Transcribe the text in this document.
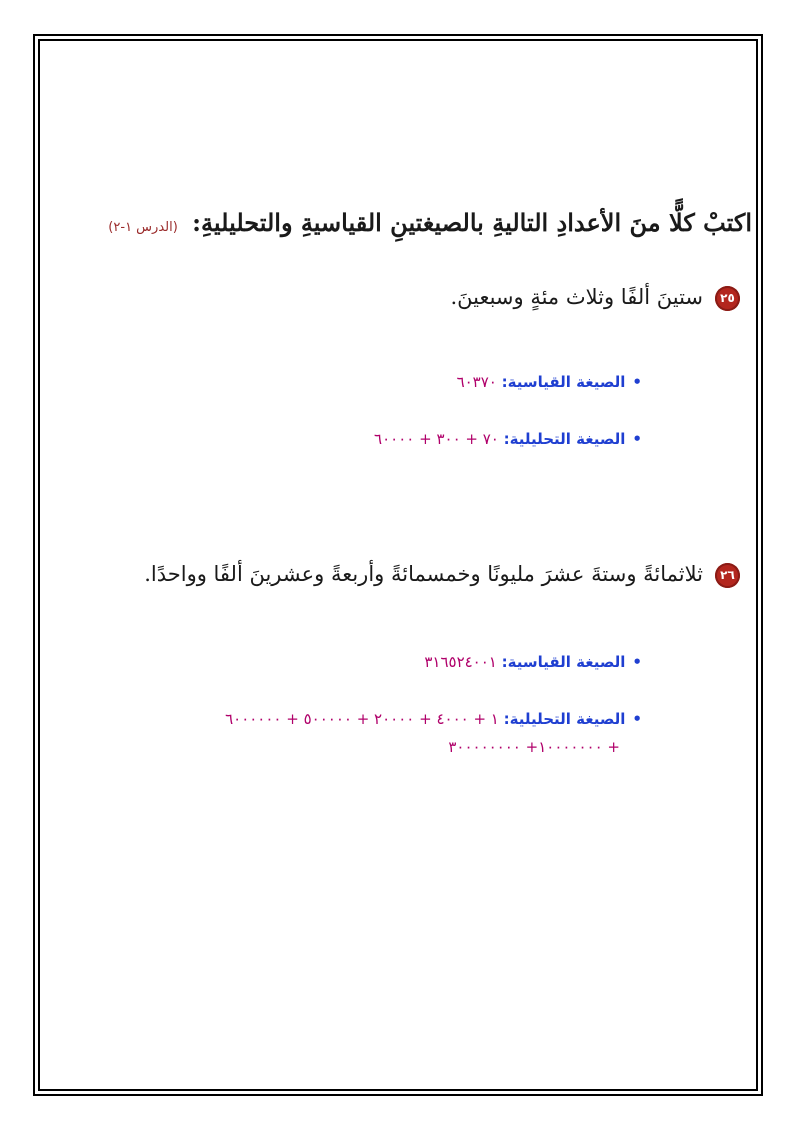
اكتبْ كلًّا منَ الأعدادِ التاليةِ بالصيغتينِ القياسيةِ والتحليليةِ: (الدرس ١-٢)
٢٥ستينَ ألفًا وثلاث مئةٍ وسبعينَ.
•الصيغة القياسية: ٦٠٣٧٠
•الصيغة التحليلية: ٧٠ + ٣٠٠ + ٦٠٠٠٠
٢٦ثلاثمائةً وستةَ عشرَ مليونًا وخمسمائةً وأربعةً وعشرينَ ألفًا وواحدًا.
•الصيغة القياسية: ٣١٦٥٢٤٠٠١
•الصيغة التحليلية: ١ + ٤٠٠٠ + ٢٠٠٠٠ + ٥٠٠٠٠٠ + ٦٠٠٠٠٠٠
+ ١٠٠٠٠٠٠٠+ ٣٠٠٠٠٠٠٠٠
